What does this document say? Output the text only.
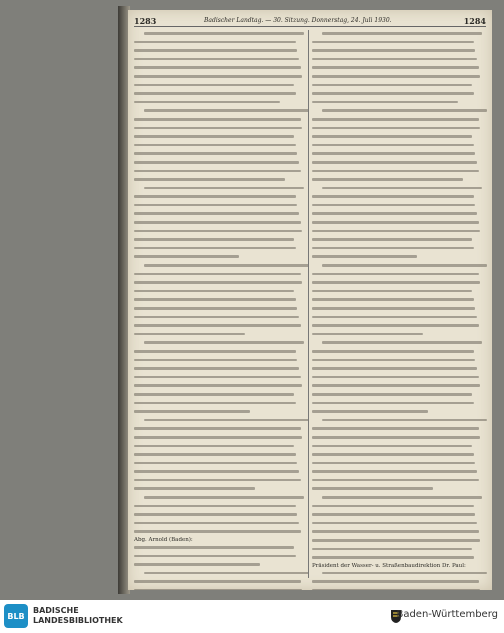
1283	Badischer Landtag. — 30. Sitzung. Donnerstag, 24. Juli 1930.	1284
Abg. Arnold (Baden):
Präsident der Wasser- u. Straßenbaudirektion Dr. Paul:
BLB
BADISCHE
LANDESBIBLIOTHEK
Baden-Württemberg
